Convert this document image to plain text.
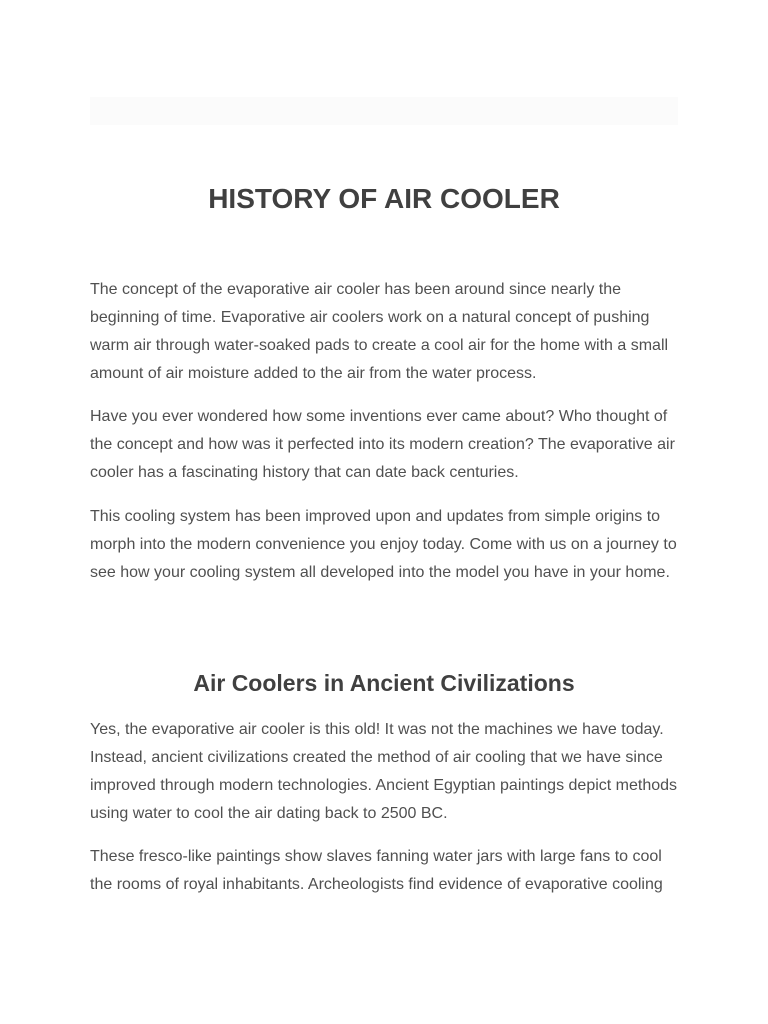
HISTORY OF AIR COOLER

The concept of the evaporative air cooler has been around since nearly the beginning of time. Evaporative air coolers work on a natural concept of pushing warm air through water-soaked pads to create a cool air for the home with a small amount of air moisture added to the air from the water process.

Have you ever wondered how some inventions ever came about? Who thought of the concept and how was it perfected into its modern creation? The evaporative air cooler has a fascinating history that can date back centuries.

This cooling system has been improved upon and updates from simple origins to morph into the modern convenience you enjoy today. Come with us on a journey to see how your cooling system all developed into the model you have in your home.

Air Coolers in Ancient Civilizations

Yes, the evaporative air cooler is this old! It was not the machines we have today. Instead, ancient civilizations created the method of air cooling that we have since improved through modern technologies. Ancient Egyptian paintings depict methods using water to cool the air dating back to 2500 BC.

These fresco-like paintings show slaves fanning water jars with large fans to cool the rooms of royal inhabitants. Archeologists find evidence of evaporative cooling
